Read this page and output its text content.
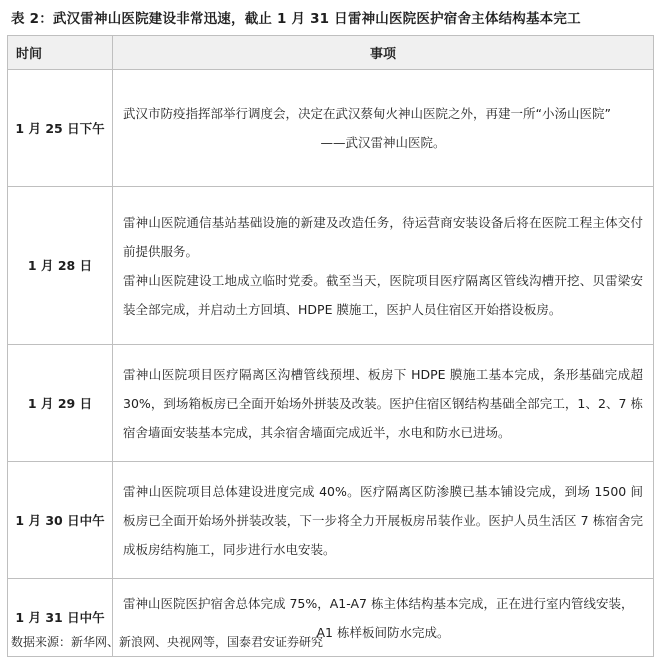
表 2：武汉雷神山医院建设非常迅速，截止 1 月 31 日雷神山医院医护宿舍主体结构基本完工
时间	事项
1 月 25 日下午	武汉市防疫指挥部举行调度会，决定在武汉蔡甸火神山医院之外，再建一所“小汤山医院”

——武汉雷神山医院。

1 月 28 日	雷神山医院通信基站基础设施的新建及改造任务，待运营商安装设备后将在医院工程主体交付前提供服务。

雷神山医院建设工地成立临时党委。截至当天，医院项目医疗隔离区管线沟槽开挖、贝雷梁安装全部完成，并启动土方回填、HDPE 膜施工，医护人员住宿区开始搭设板房。

1 月 29 日	雷神山医院项目医疗隔离区沟槽管线预埋、板房下 HDPE 膜施工基本完成，条形基础完成超 30%，到场箱板房已全面开始场外拼装及改装。医护住宿区钢结构基础全部完工，1、2、7 栋宿舍墙面安装基本完成，其余宿舍墙面完成近半，水电和防水已进场。

1 月 30 日中午	雷神山医院项目总体建设进度完成 40%。医疗隔离区防渗膜已基本铺设完成，到场 1500 间板房已全面开始场外拼装改装，下一步将全力开展板房吊装作业。医护人员生活区 7 栋宿舍完成板房结构施工，同步进行水电安装。

1 月 31 日中午	雷神山医院医护宿舍总体完成 75%，A1-A7 栋主体结构基本完成，正在进行室内管线安装，

A1 栋样板间防水完成。

数据来源：新华网、新浪网、央视网等，国泰君安证券研究
